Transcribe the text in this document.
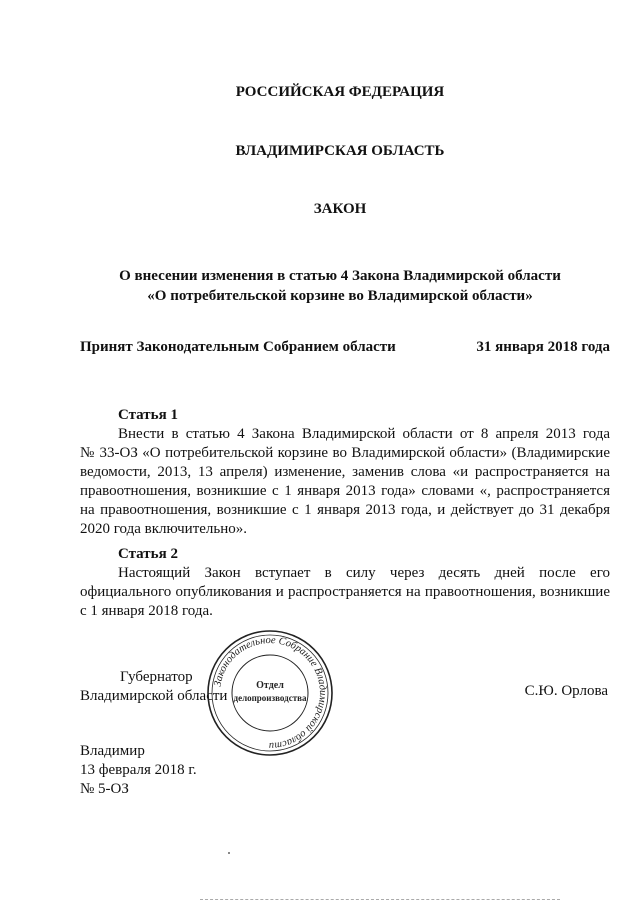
РОССИЙСКАЯ ФЕДЕРАЦИЯ
ВЛАДИМИРСКАЯ ОБЛАСТЬ
ЗАКОН
О внесении изменения в статью 4 Закона Владимирской области
«О потребительской корзине во Владимирской области»
Принят Законодательным Собранием области	31 января 2018 года
Статья 1
Внести в статью 4 Закона Владимирской области от 8 апреля 2013 года
№ 33-ОЗ «О потребительской корзине во Владимирской области» (Владимирские
ведомости, 2013, 13 апреля) изменение, заменив слова «и распространяется на
правоотношения, возникшие с 1 января 2013 года» словами «, распространяется
на правоотношения, возникшие с 1 января 2013 года, и действует до 31 декабря
2020 года включительно».
Статья 2
Настоящий Закон вступает в силу через десять дней после его
официального опубликования и распространяется на правоотношения, возникшие
с 1 января 2018 года.
Губернатор
Владимирской области
Законодательное Собрание Владимирской области
Отдел
делопроизводства	С.Ю. Орлова
Владимир
13 февраля 2018 г.
№ 5-ОЗ
